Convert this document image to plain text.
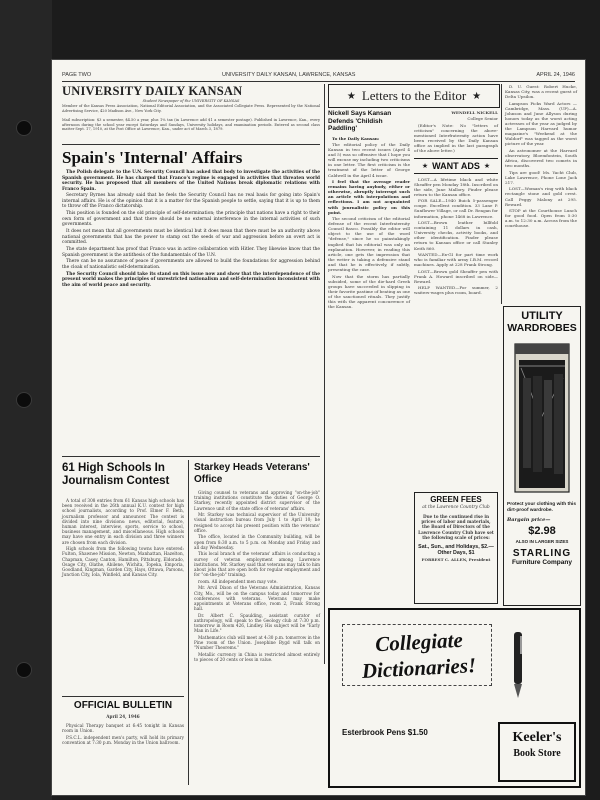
PAGE TWO	UNIVERSITY DAILY KANSAN, LAWRENCE, KANSAS	APRIL 24, 1946
UNIVERSITY DAILY KANSAN
Student Newspaper of the UNIVERSITY OF KANSAS
Member of the Kansas Press Association, National Editorial Association, and the Associated Collegiate Press. Represented by the National Advertising Service, 420 Madison Ave., New York City.
Mail subscription: $3 a semester, $4.50 a year, plus 1% tax (in Lawrence add $1 a semester postage). Published in Lawrence, Kan., every afternoon during the school year except Saturdays and Sundays, University holidays, and examination periods. Entered as second class matter Sept. 17, 1910, at the Post Office at Lawrence, Kan., under act of March 3, 1879.
Spain's 'Internal' Affairs

The Polish delegate to the U.N. Security Council has asked that body to investigate the activities of the Spanish government. He has charged that Franco's regime is engaged in activities that threaten world security. He has proposed that all members of the United Nations break diplomatic relations with Franco Spain.

Secretary Byrnes has already said that he feels the Security Council has no real basis for going into Spain's internal affairs. He is of the opinion that it is a matter for the Spanish people to settle, saying that it is up to them to throw off the Franco dictatorship.

This position is founded on the old principle of self-determination; the principle that nations have a right to their own form of government and that there should be no external interference in the internal activities of such governments.

It does not mean that all governments must be identical but it does mean that there must be an authority above national governments that has the power to stamp out the seeds of war and aggression before an overt act is committed.

The state department has proof that Franco was in active collaboration with Hitler. They likewise know that the Spanish government is the antithesis of the fundamentals of the U.N.

There can be no assurance of peace if governments are allowed to build the foundations for aggression behind the cloak of nationalistic self-determination.

The Security Council should take its stand on this issue now and show that the interdependence of the present world makes the principles of unrestricted nationalism and self-determination inconsistent with the aim of world peace and security.

61 High Schools In Journalism Contest

A total of 308 entries from 61 Kansas high schools has been received in the 26th annual K.U. contest for high school journalists, according to Prof. Elmer F. Beth, journalism professor and announcer. The contest is divided into nine divisions: news, editorial, feature, human interest, interview, sports, service to school, business management, and miscellaneous. High schools may have one entry in each division and three winners are chosen from each division.

High schools from the following towns have entered: Fulton, Shawnee Mission, Newton, Manhattan, Hazelton, Chapman, Casey, Canton, Hamilton, Pittsburg, Eldorado, Osage City, Olathe, Abilene, Wichita, Topeka, Emporia, Goodland, Kingman, Garden City, Hays, Ottawa, Parsons, Junction City, Iola, Winfield, and Kansas City.

OFFICIAL BULLETIN
April 24, 1946

Physical Therapy banquet at 6:45 tonight in Kansas room in Union.

P.S.C.L. independent men's party, will hold its primary convention at 7:30 p.m. Monday in the Union ballroom.

Starkey Heads Veterans' Office

Giving counsel to veterans and approving "on-the-job" training institutions constitute the duties of George O. Starkey, recently appointed district supervisor of the Lawrence unit of the state office of veterans' affairs.

Mr. Starkey was technical supervisor of the University visual instruction bureau from July 1 to April 10; he resigned to accept his present position with the veterans' office.

The office, located in the Community building, will be open from 8:30 a.m. to 5 p.m. on Monday and Friday and all day Wednesday.

This local branch of the veterans' affairs is conducting a survey of veteran employment among Lawrence institutions. Mr. Starkey said that veterans may talk to him about jobs that are open both for regular employment and for "on-the-job" training.

room. All independent men may vote.

Mr. Arvil Dixon of the Veterans Administration, Kansas City, Mo., will be on the campus today and tomorrow for conferences with veterans. Veterans may make appointments at Veterans office, room 2, Frank Strong hall.

Dr. Albert C. Spaulding, assistant curator of anthropology, will speak to the Geology club at 7:30 p.m. tomorrow in Room 426, Lindley. His subject will be "Early Man in Life."

Mathematics club will meet at 4:30 p.m. tomorrow in the Pine room of the Union. Josephine Bygd will talk on "Number Theorems."

Metallic currency in China is restricted almost entirely to pieces of 20 cents or less in value.

★ Letters to the Editor ★
Nickell Says Kansan Defends 'Childish Paddling'

To the Daily Kansan:

The editorial policy of the Daily Kansan in two recent issues (April 4 and 5) was so offensive that I hope you will excuse my including two criticisms in one letter. The first criticism is the treatment of the letter of George Caldwell in the April 4 issue.

I feel that the average reader remains having anybody, either or otherwise, abruptly interrupt such an article with interpolations and reflections. I am not acquainted with journalistic policy on this point.

The second criticism of the editorial defense of the recent Interfraternity Council fiasco. Possibly the editor will object to the use of the word "defense," since he so painstakingly implied that his editorial was only an explanation. However, in reading this article, one gets the impression that the writer is taking a defensive stand and that he is effectively, if subtly, presenting the case.

Now that the storm has partially subsided, some of the die-hard Greek groups have succeeded in slipping in their favorite pastime of beating as one of the sanctioned rituals. They justify this with the apparent concurrence of the Kansan.

WENDELL NICKELL

College Senior

(Editor's Note: No "letters of criticism" concerning the above-mentioned Interfraternity action have been received by the Daily Kansan office as implied in the last paragraph of the above letter.)

★ WANT ADS ★

LOST—A lifetime black and white Sheaffer pen Monday 18th. Inscribed on the side, June Mallory. Finder please return to the Kansan office.

FOR SALE—1940 Buick 5-passenger coupe. Excellent condition. 33 Lane P. Sunflower Village, or call Dr. Reagan for information, phone 1468 in Lawrence.

LOST—Brown leather billfold containing 11 dollars in cash, University checks, activity books, and other identification. Finder please return to Kansan office or call Stanley Keith 860.

WANTED—Ex-GI for part time work who is familiar with army I.B.M. record machines. Apply at 228 Frank Strong.

LOST—Brown gold Sheaffer pen with Frank A. Howard inscribed on side—Reward.

HELP WANTED—For summer, 2 waiters-wages plus room, board.

GREEN FEES
at the Lawrence Country Club
Due to the continued rise in prices of labor and materials, the Board of Directors of the Lawrence Country Club have set the following scale of prices:
Sat., Sun., and Holidays, $2.— Other Days, $1
FORREST C. ALLEN, President

D. U. Guest: Robert Hucke, Kansas City, was a recent guest of Delta Upsilon.

Lampson Picks Ward Actors — Cambridge, Mass. (UP)—A. Johnson and June Allyson during honors today as the worst acting actresses of the year as judged by the Lampson Harvard humor magazine's "Weekend at the Waldorf" was tagged as the worst picture of the year.

An astronomer at the Harvard observatory, Bloemfontein, South Africa, discovered two comets in two months.

Tips are good! Ms. Yacht Club, Lake Lawrence, Phone Lone Jack 217.

LOST—Woman's ring with black rectangle stone and gold crest. Call Peggy Malony at 295. Reward.

STOP at the Courthouse Lunch for good food. Open from 5:30 a.m. to 12:30 a.m. Across from the courthouse.

UTILITY
WARDROBES
Protect your clothing with this dirt-proof wardrobe.
Bargain price—
$2.98
ALSO IN LARGER SIZES
STARLING
Furniture Company
Collegiate
Dictionaries!
Esterbrook Pens $1.50	Keeler's
Book Store
